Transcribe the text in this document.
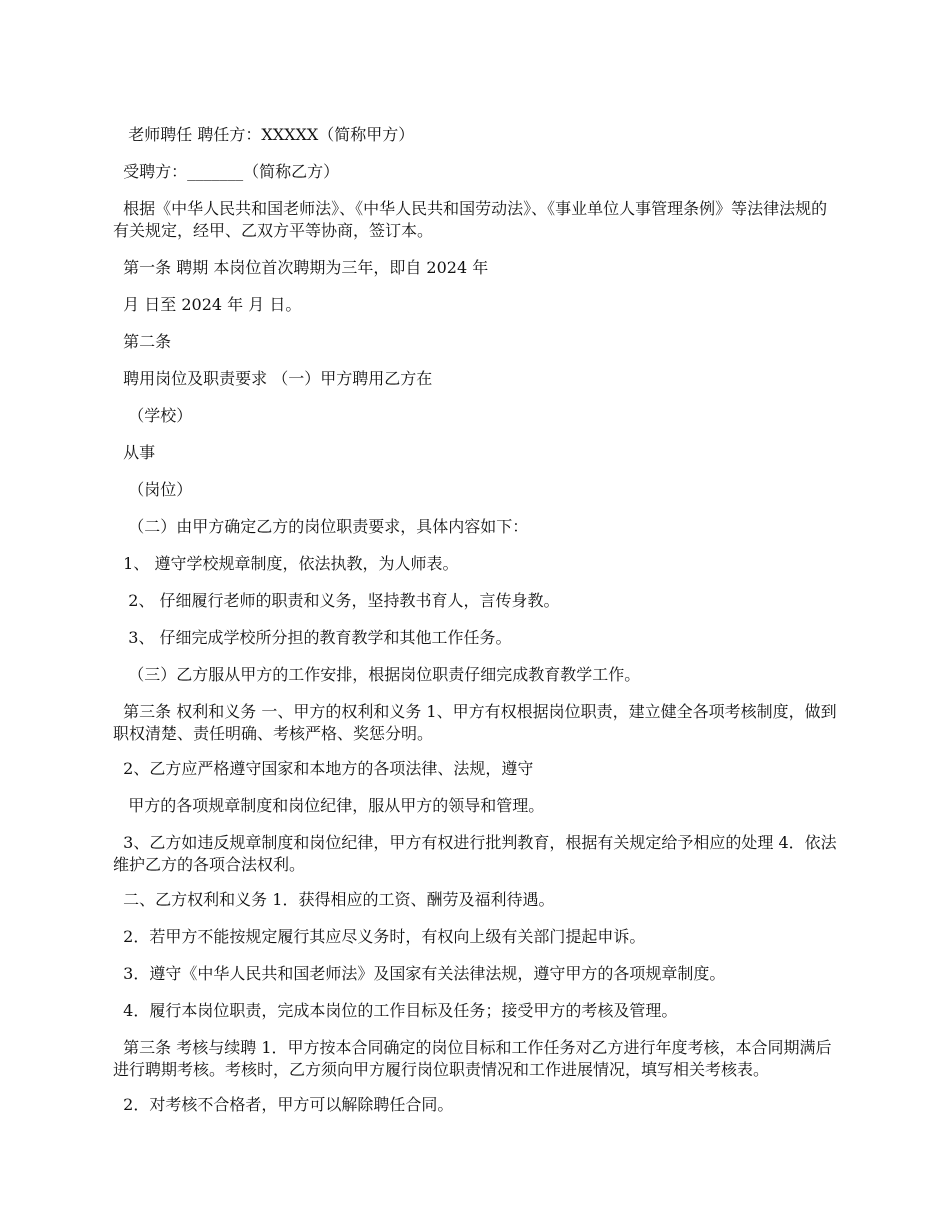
老师聘任 聘任方：XXXXX（简称甲方）

受聘方：_______（简称乙方）

根据《中华人民共和国老师法》、《中华人民共和国劳动法》、《事业单位人事管理条例》等法律法规的有关规定，经甲、乙双方平等协商，签订本。

第一条 聘期 本岗位首次聘期为三年，即自 2024 年

月 日至 2024 年 月 日。

第二条

聘用岗位及职责要求 （一）甲方聘用乙方在

（学校）

从事

（岗位）

（二）由甲方确定乙方的岗位职责要求，具体内容如下：

1、 遵守学校规章制度，依法执教，为人师表。

2、 仔细履行老师的职责和义务，坚持教书育人，言传身教。

3、 仔细完成学校所分担的教育教学和其他工作任务。

（三）乙方服从甲方的工作安排，根据岗位职责仔细完成教育教学工作。

第三条 权利和义务 一、甲方的权利和义务 1、甲方有权根据岗位职责，建立健全各项考核制度，做到职权清楚、责任明确、考核严格、奖惩分明。

2、乙方应严格遵守国家和本地方的各项法律、法规，遵守

甲方的各项规章制度和岗位纪律，服从甲方的领导和管理。

3、乙方如违反规章制度和岗位纪律，甲方有权进行批判教育，根据有关规定给予相应的处理 4．依法维护乙方的各项合法权利。

二、乙方权利和义务 1．获得相应的工资、酬劳及福利待遇。

2．若甲方不能按规定履行其应尽义务时，有权向上级有关部门提起申诉。

3．遵守《中华人民共和国老师法》及国家有关法律法规，遵守甲方的各项规章制度。

4．履行本岗位职责，完成本岗位的工作目标及任务；接受甲方的考核及管理。

第三条 考核与续聘 1．甲方按本合同确定的岗位目标和工作任务对乙方进行年度考核，本合同期满后进行聘期考核。考核时，乙方须向甲方履行岗位职责情况和工作进展情况，填写相关考核表。

2．对考核不合格者，甲方可以解除聘任合同。
